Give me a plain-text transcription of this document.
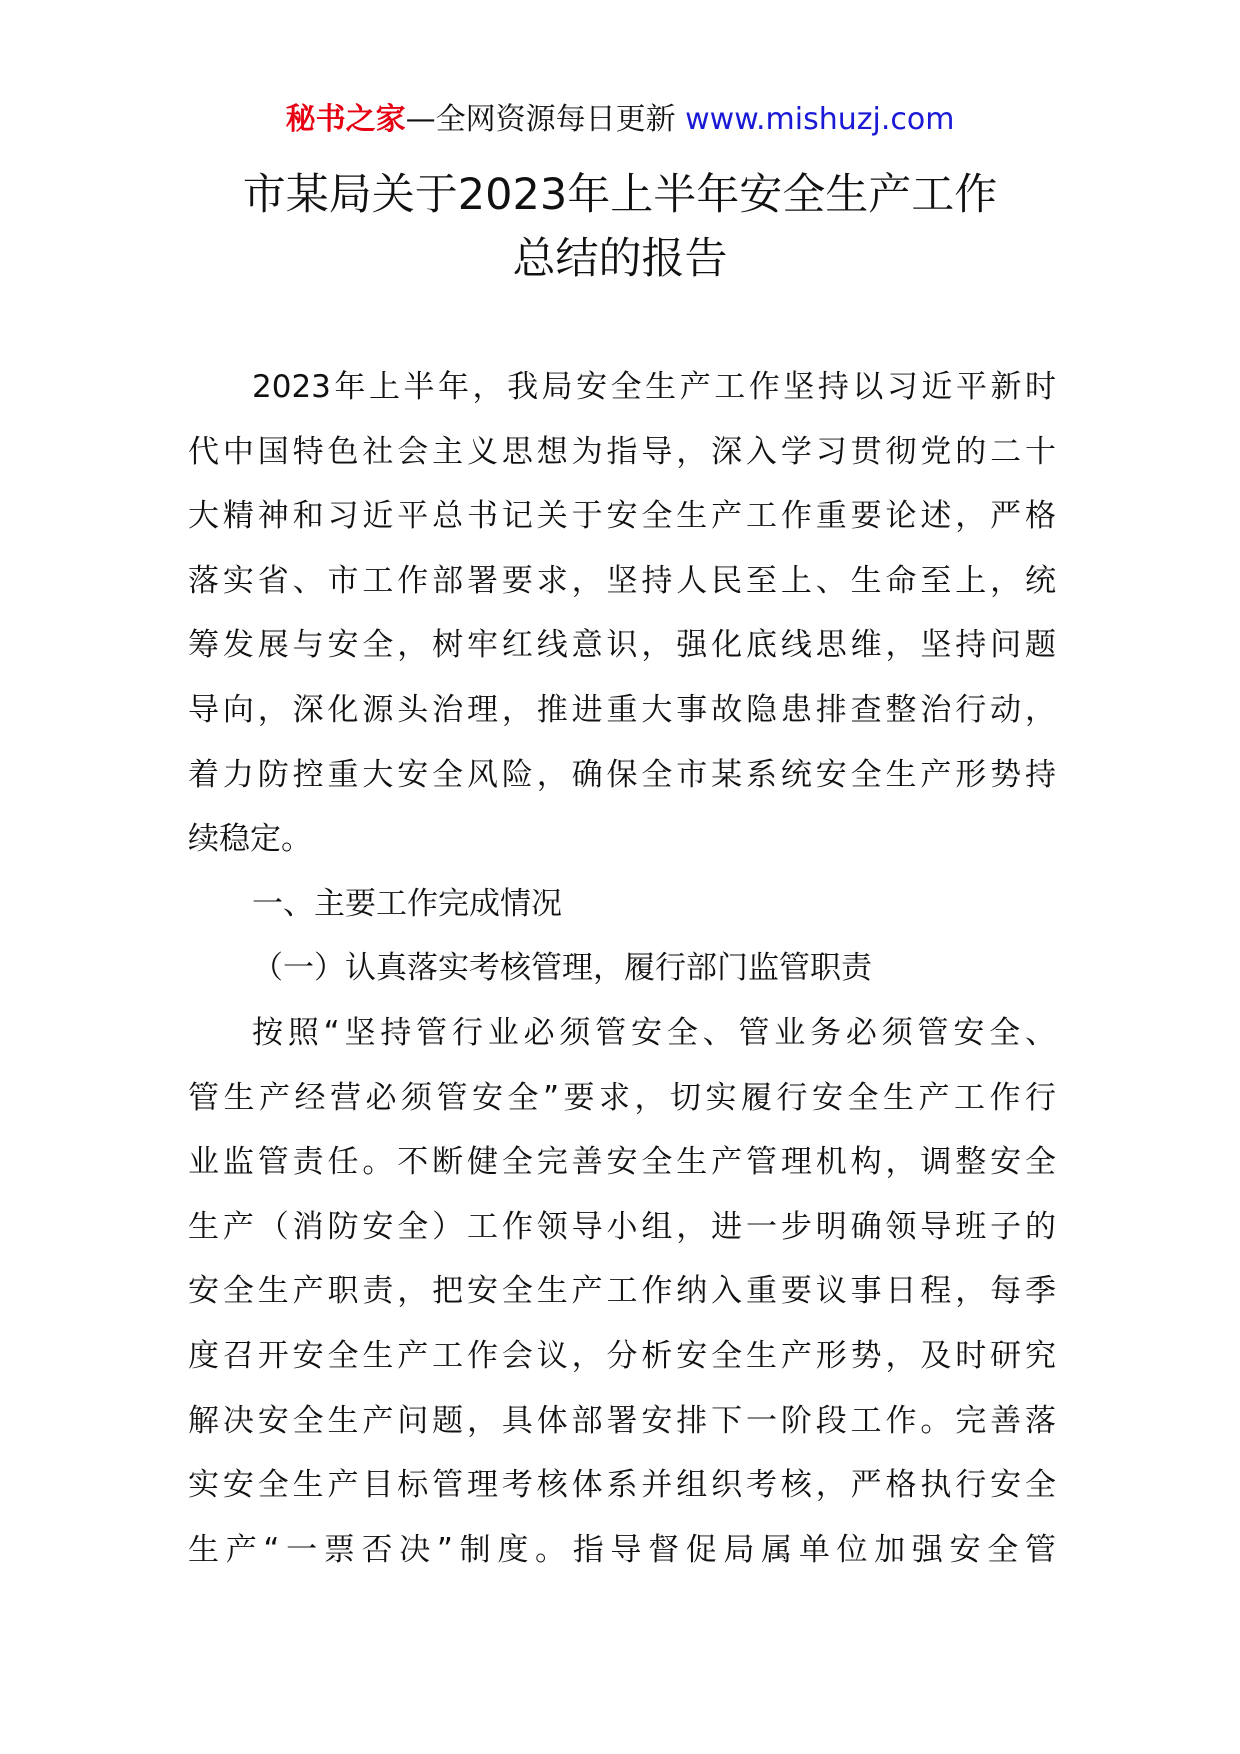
秘书之家—全网资源每日更新 www.mishuzj.com
市某局关于2023年上半年安全生产工作
总结的报告
2023年上半年，我局安全生产工作坚持以习近平新时
代中国特色社会主义思想为指导，深入学习贯彻党的二十
大精神和习近平总书记关于安全生产工作重要论述，严格
落实省、市工作部署要求，坚持人民至上、生命至上，统
筹发展与安全，树牢红线意识，强化底线思维，坚持问题
导向，深化源头治理，推进重大事故隐患排查整治行动，
着力防控重大安全风险，确保全市某系统安全生产形势持
续稳定。
一、主要工作完成情况
（一）认真落实考核管理，履行部门监管职责
按照“坚持管行业必须管安全、管业务必须管安全、
管生产经营必须管安全”要求，切实履行安全生产工作行
业监管责任。不断健全完善安全生产管理机构，调整安全
生产（消防安全）工作领导小组，进一步明确领导班子的
安全生产职责，把安全生产工作纳入重要议事日程，每季
度召开安全生产工作会议，分析安全生产形势，及时研究
解决安全生产问题，具体部署安排下一阶段工作。完善落
实安全生产目标管理考核体系并组织考核，严格执行安全
生产“一票否决”制度。指导督促局属单位加强安全管
